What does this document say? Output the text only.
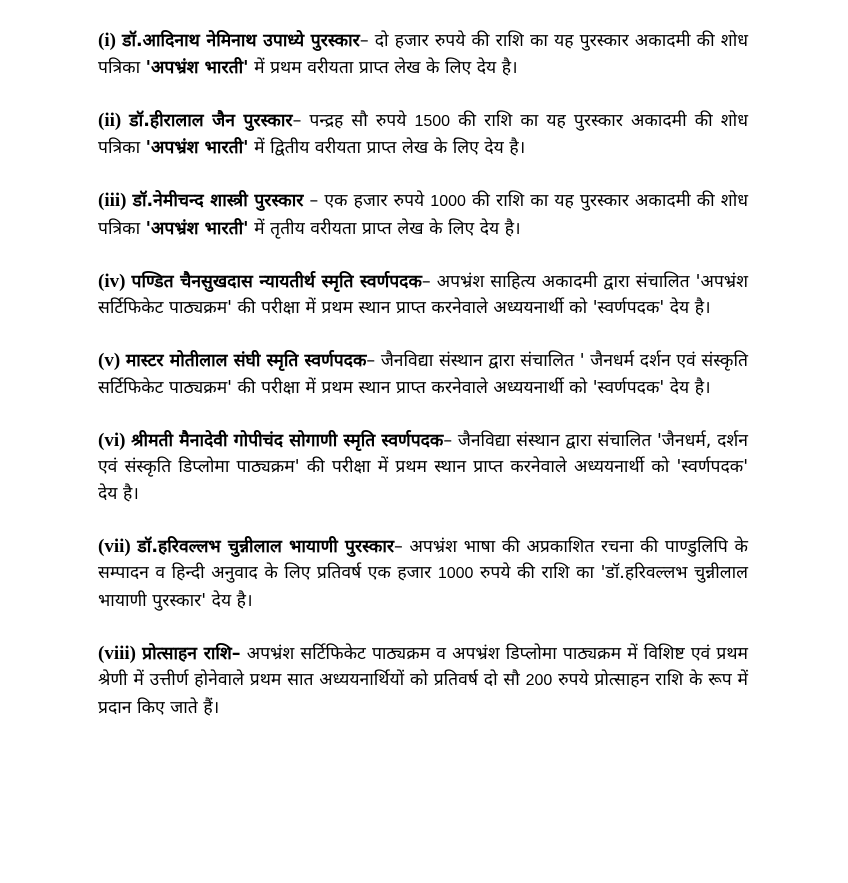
(i) डॉ.आदिनाथ नेमिनाथ उपाध्ये पुरस्कार– दो हजार रुपये की राशि का यह पुरस्कार अकादमी की शोध पत्रिका 'अपभ्रंश भारती' में प्रथम वरीयता प्राप्त लेख के लिए देय है।

(ii) डॉ.हीरालाल जैन पुरस्कार– पन्द्रह सौ रुपये 1500 की राशि का यह पुरस्कार अकादमी की शोध पत्रिका 'अपभ्रंश भारती' में द्वितीय वरीयता प्राप्त लेख के लिए देय है।

(iii) डॉ.नेमीचन्द शास्त्री पुरस्कार – एक हजार रुपये 1000 की राशि का यह पुरस्कार अकादमी की शोध पत्रिका 'अपभ्रंश भारती' में तृतीय वरीयता प्राप्त लेख के लिए देय है।

(iv) पण्डित चैनसुखदास न्यायतीर्थ स्मृति स्वर्णपदक– अपभ्रंश साहित्य अकादमी द्वारा संचालित 'अपभ्रंश सर्टिफिकेट पाठ्यक्रम' की परीक्षा में प्रथम स्थान प्राप्त करनेवाले अध्ययनार्थी को 'स्वर्णपदक' देय है।

(v) मास्टर मोतीलाल संघी स्मृति स्वर्णपदक– जैनविद्या संस्थान द्वारा संचालित ' जैनधर्म दर्शन एवं संस्कृति सर्टिफिकेट पाठ्यक्रम' की परीक्षा में प्रथम स्थान प्राप्त करनेवाले अध्ययनार्थी को 'स्वर्णपदक' देय है।

(vi) श्रीमती मैनादेवी गोपीचंद सोगाणी स्मृति स्वर्णपदक– जैनविद्या संस्थान द्वारा संचालित 'जैनधर्म, दर्शन एवं संस्कृति डिप्लोमा पाठ्यक्रम' की परीक्षा में प्रथम स्थान प्राप्त करनेवाले अध्ययनार्थी को 'स्वर्णपदक' देय है।

(vii) डॉ.हरिवल्लभ चुन्नीलाल भायाणी पुरस्कार– अपभ्रंश भाषा की अप्रकाशित रचना की पाण्डुलिपि के सम्पादन व हिन्दी अनुवाद के लिए प्रतिवर्ष एक हजार 1000 रुपये की राशि का 'डॉ.हरिवल्लभ चुन्नीलाल भायाणी पुरस्कार' देय है।

(viii) प्रोत्साहन राशि– अपभ्रंश सर्टिफिकेट पाठ्यक्रम व अपभ्रंश डिप्लोमा पाठ्यक्रम में विशिष्ट एवं प्रथम श्रेणी में उत्तीर्ण होनेवाले प्रथम सात अध्ययनार्थियों को प्रतिवर्ष दो सौ 200 रुपये प्रोत्साहन राशि के रूप में प्रदान किए जाते हैं।
